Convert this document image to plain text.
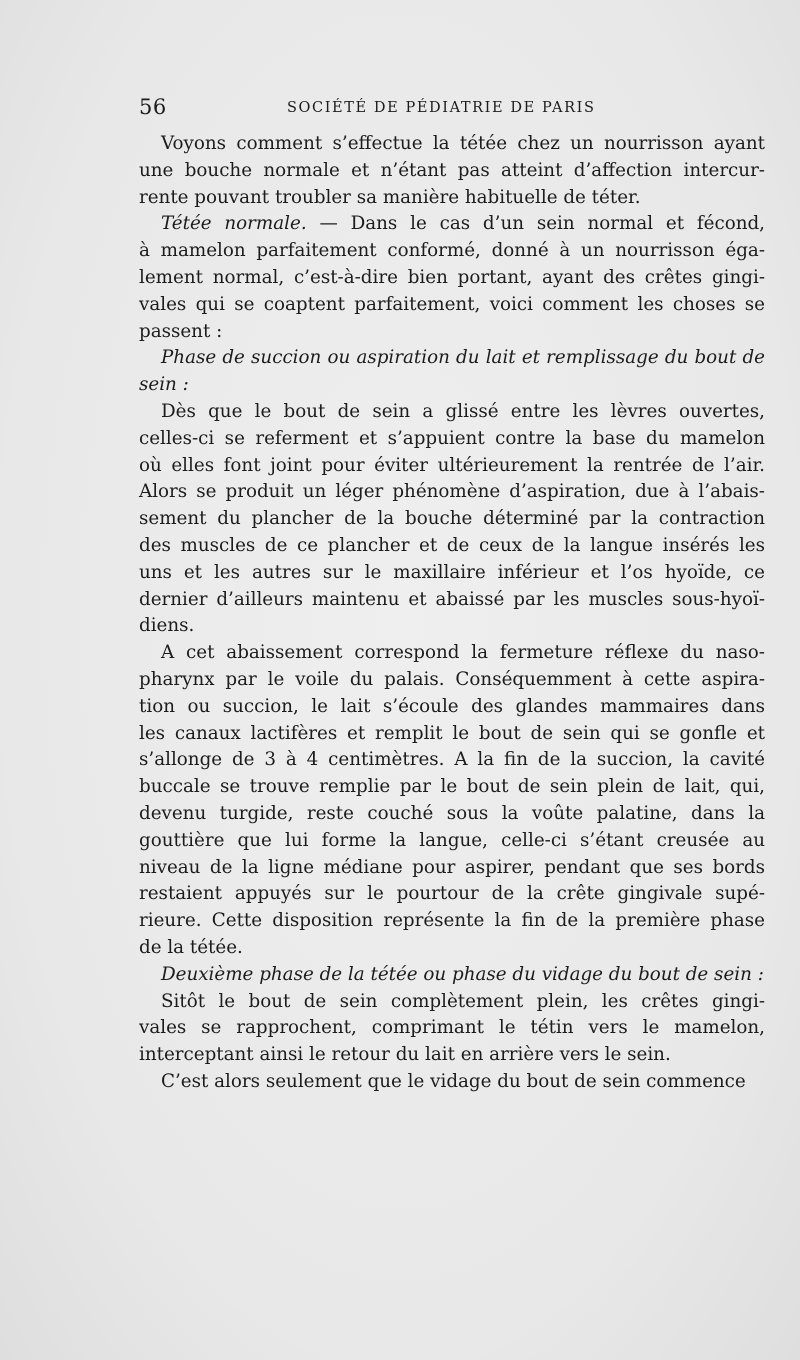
56	SOCIÉTÉ DE PÉDIATRIE DE PARIS
Voyons comment s’effectue la tétée chez un nourrisson ayant
une bouche normale et n’étant pas atteint d’affection intercur-
rente pouvant troubler sa manière habituelle de téter.
Tétée normale. — Dans le cas d’un sein normal et fécond,
à mamelon parfaitement conformé, donné à un nourrisson éga-
lement normal, c’est-à-dire bien portant, ayant des crêtes gingi-
vales qui se coaptent parfaitement, voici comment les choses se
passent :
Phase de succion ou aspiration du lait et remplissage du bout de
sein :
Dès que le bout de sein a glissé entre les lèvres ouvertes,
celles-ci se referment et s’appuient contre la base du mamelon
où elles font joint pour éviter ultérieurement la rentrée de l’air.
Alors se produit un léger phénomène d’aspiration, due à l’abais-
sement du plancher de la bouche déterminé par la contraction
des muscles de ce plancher et de ceux de la langue insérés les
uns et les autres sur le maxillaire inférieur et l’os hyoïde, ce
dernier d’ailleurs maintenu et abaissé par les muscles sous-hyoï-
diens.
A cet abaissement correspond la fermeture réflexe du naso-
pharynx par le voile du palais. Conséquemment à cette aspira-
tion ou succion, le lait s’écoule des glandes mammaires dans
les canaux lactifères et remplit le bout de sein qui se gonfle et
s’allonge de 3 à 4 centimètres. A la fin de la succion, la cavité
buccale se trouve remplie par le bout de sein plein de lait, qui,
devenu turgide, reste couché sous la voûte palatine, dans la
gouttière que lui forme la langue, celle-ci s’étant creusée au
niveau de la ligne médiane pour aspirer, pendant que ses bords
restaient appuyés sur le pourtour de la crête gingivale supé-
rieure. Cette disposition représente la fin de la première phase
de la tétée.
Deuxième phase de la tétée ou phase du vidage du bout de sein :
Sitôt le bout de sein complètement plein, les crêtes gingi-
vales se rapprochent, comprimant le tétin vers le mamelon,
interceptant ainsi le retour du lait en arrière vers le sein.
C’est alors seulement que le vidage du bout de sein commence
